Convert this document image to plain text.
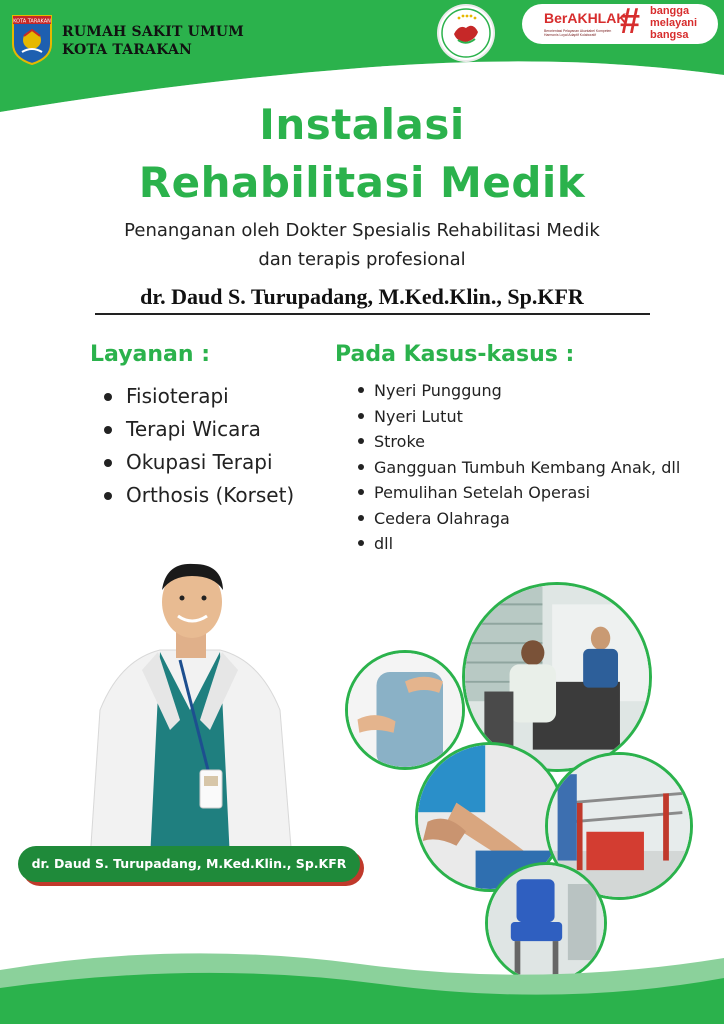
KOTA TARAKAN
RUMAH SAKIT UMUM
KOTA TARAKAN
BerAKHLAK
Berorientasi Pelayanan Akuntabel Kompeten Harmonis Loyal Adaptif Kolaboratif # bangga
melayani
bangsa
Instalasi
Rehabilitasi Medik
Penanganan oleh Dokter Spesialis Rehabilitasi Medik
dan terapis profesional
dr. Daud S. Turupadang, M.Ked.Klin., Sp.KFR
Layanan :
Fisioterapi
Terapi Wicara
Okupasi Terapi
Orthosis (Korset)
Pada Kasus-kasus :
Nyeri Punggung
Nyeri Lutut
Stroke
Gangguan Tumbuh Kembang Anak, dll
Pemulihan Setelah Operasi
Cedera Olahraga
dll
dr. Daud S. Turupadang, M.Ked.Klin., Sp.KFR
